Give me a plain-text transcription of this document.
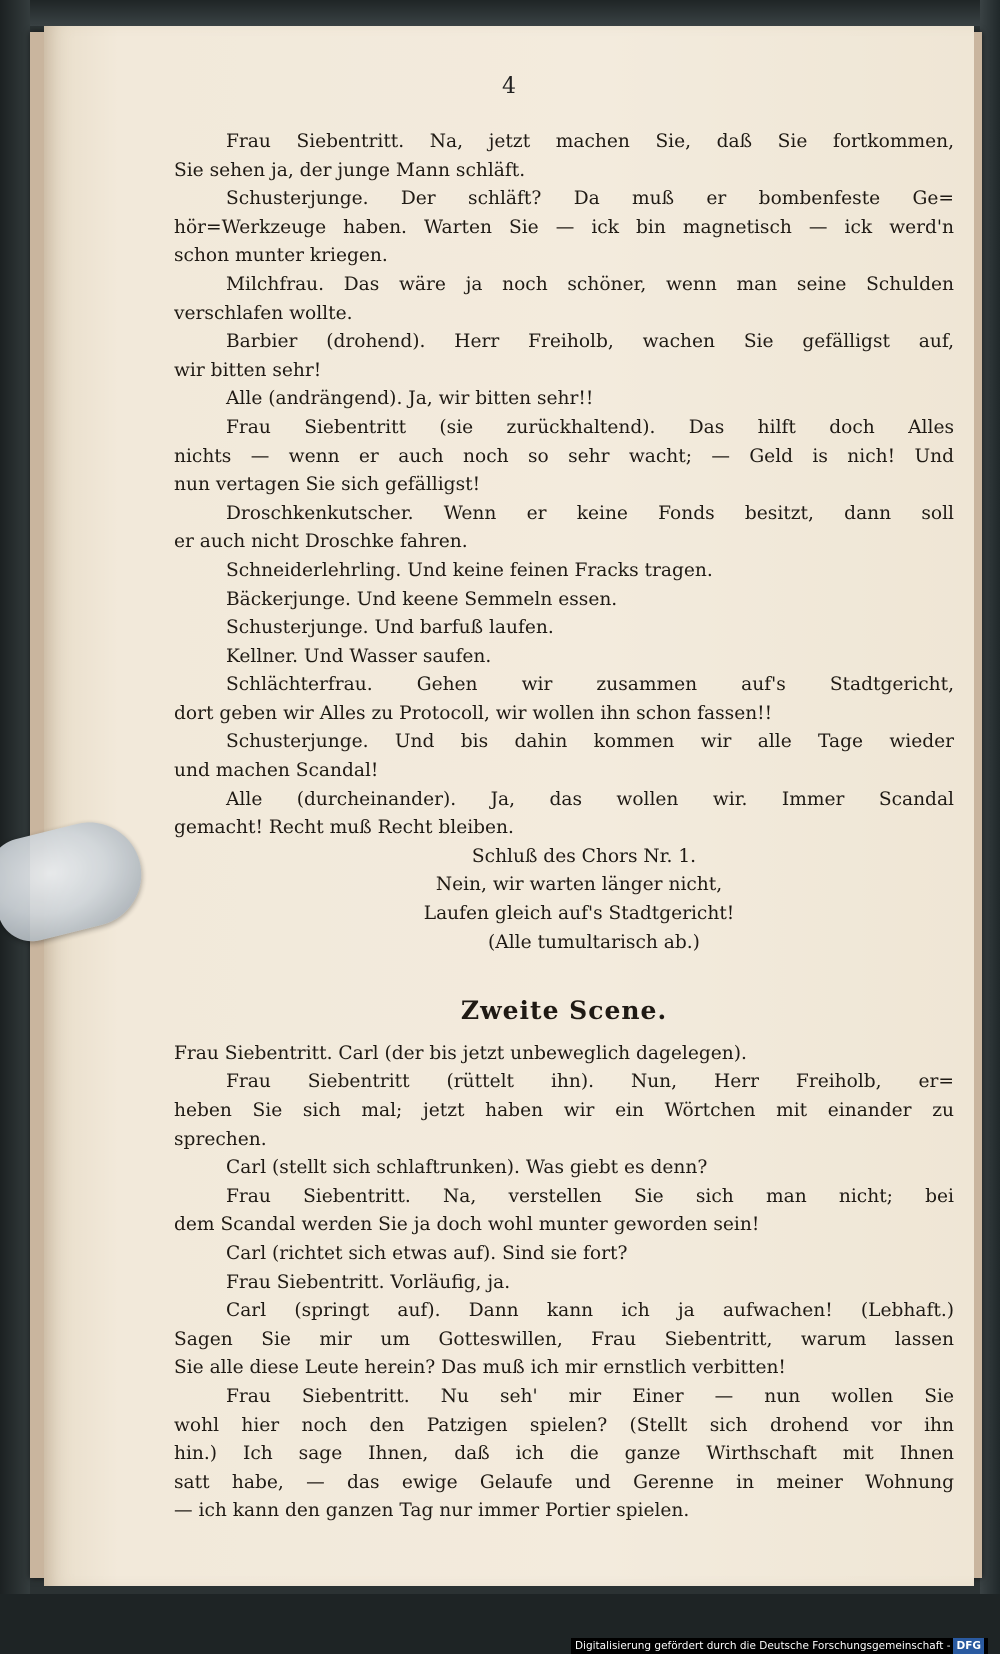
4
Frau Siebentritt. Na, jetzt machen Sie, daß Sie fortkommen,
Sie sehen ja, der junge Mann schläft.
Schusterjunge. Der schläft? Da muß er bombenfeste Ge=
hör=Werkzeuge haben. Warten Sie — ick bin magnetisch — ick werd'n
schon munter kriegen.
Milchfrau. Das wäre ja noch schöner, wenn man seine Schulden
verschlafen wollte.
Barbier (drohend). Herr Freiholb, wachen Sie gefälligst auf,
wir bitten sehr!
Alle (andrängend). Ja, wir bitten sehr!!
Frau Siebentritt (sie zurückhaltend). Das hilft doch Alles
nichts — wenn er auch noch so sehr wacht; — Geld is nich! Und
nun vertagen Sie sich gefälligst!
Droschkenkutscher. Wenn er keine Fonds besitzt, dann soll
er auch nicht Droschke fahren.
Schneiderlehrling. Und keine feinen Fracks tragen.
Bäckerjunge. Und keene Semmeln essen.
Schusterjunge. Und barfuß laufen.
Kellner. Und Wasser saufen.
Schlächterfrau. Gehen wir zusammen auf's Stadtgericht,
dort geben wir Alles zu Protocoll, wir wollen ihn schon fassen!!
Schusterjunge. Und bis dahin kommen wir alle Tage wieder
und machen Scandal!
Alle (durcheinander). Ja, das wollen wir. Immer Scandal
gemacht! Recht muß Recht bleiben.
Schluß des Chors Nr. 1.
Nein, wir warten länger nicht,
Laufen gleich auf's Stadtgericht!
(Alle tumultarisch ab.)
Zweite Scene.
Frau Siebentritt. Carl (der bis jetzt unbeweglich dagelegen).
Frau Siebentritt (rüttelt ihn). Nun, Herr Freiholb, er=
heben Sie sich mal; jetzt haben wir ein Wörtchen mit einander zu
sprechen.
Carl (stellt sich schlaftrunken). Was giebt es denn?
Frau Siebentritt. Na, verstellen Sie sich man nicht; bei
dem Scandal werden Sie ja doch wohl munter geworden sein!
Carl (richtet sich etwas auf). Sind sie fort?
Frau Siebentritt. Vorläufig, ja.
Carl (springt auf). Dann kann ich ja aufwachen! (Lebhaft.)
Sagen Sie mir um Gotteswillen, Frau Siebentritt, warum lassen
Sie alle diese Leute herein? Das muß ich mir ernstlich verbitten!
Frau Siebentritt. Nu seh' mir Einer — nun wollen Sie
wohl hier noch den Patzigen spielen? (Stellt sich drohend vor ihn
hin.) Ich sage Ihnen, daß ich die ganze Wirthschaft mit Ihnen
satt habe, — das ewige Gelaufe und Gerenne in meiner Wohnung
— ich kann den ganzen Tag nur immer Portier spielen.
Digitalisierung gefördert durch die Deutsche Forschungsgemeinschaft - DFG
